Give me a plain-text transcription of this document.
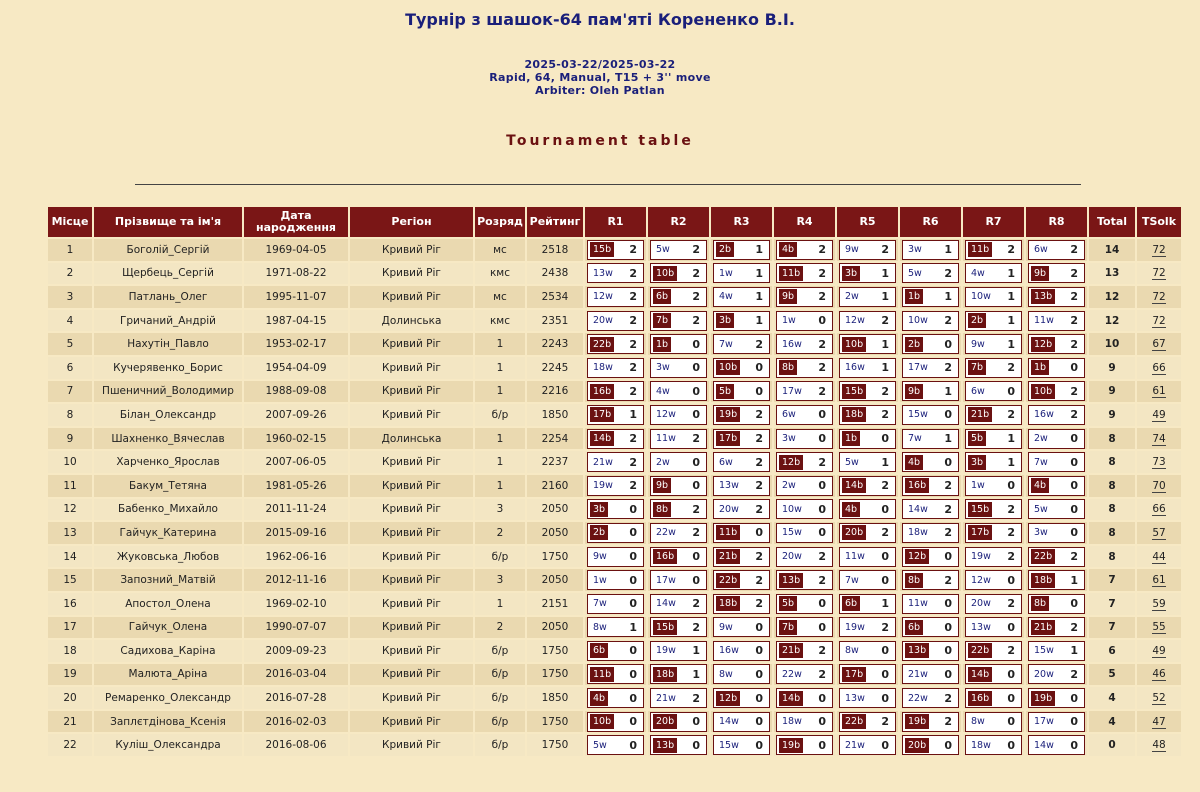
Турнір з шашок-64 пам'яті Корененко В.І.
2025-03-22/2025-03-22
Rapid, 64, Manual, T15 + 3'' move
Arbiter: Oleh Patlan
Tournament table
Місце	Прізвище та ім'я	Дата народження	Регіон	Розряд	Рейтинг	R1	R2	R3	R4	R5	R6	R7	R8	Total	TSolk
1	Боголій_Сергій	1969-04-05	Кривий Ріг	мс	2518	15b 2	5w 2	2b 1	4b 2	9w 2	3w 1	11b 2	6w 2	14	72
2	Щербець_Сергій	1971-08-22	Кривий Ріг	кмс	2438	13w 2	10b 2	1w 1	11b 2	3b 1	5w 2	4w 1	9b 2	13	72
3	Патлань_Олег	1995-11-07	Кривий Ріг	мс	2534	12w 2	6b 2	4w 1	9b 2	2w 1	1b 1	10w 1	13b 2	12	72
4	Гричаний_Андрій	1987-04-15	Долинська	кмс	2351	20w 2	7b 2	3b 1	1w 0	12w 2	10w 2	2b 1	11w 2	12	72
5	Нахутін_Павло	1953-02-17	Кривий Ріг	1	2243	22b 2	1b 0	7w 2	16w 2	10b 1	2b 0	9w 1	12b 2	10	67
6	Кучерявенко_Борис	1954-04-09	Кривий Ріг	1	2245	18w 2	3w 0	10b 0	8b 2	16w 1	17w 2	7b 2	1b 0	9	66
7	Пшеничний_Володимир	1988-09-08	Кривий Ріг	1	2216	16b 2	4w 0	5b 0	17w 2	15b 2	9b 1	6w 0	10b 2	9	61
8	Білан_Олександр	2007-09-26	Кривий Ріг	б/р	1850	17b 1	12w 0	19b 2	6w 0	18b 2	15w 0	21b 2	16w 2	9	49
9	Шахненко_Вячеслав	1960-02-15	Долинська	1	2254	14b 2	11w 2	17b 2	3w 0	1b 0	7w 1	5b 1	2w 0	8	74
10	Харченко_Ярослав	2007-06-05	Кривий Ріг	1	2237	21w 2	2w 0	6w 2	12b 2	5w 1	4b 0	3b 1	7w 0	8	73
11	Бакум_Тетяна	1981-05-26	Кривий Ріг	1	2160	19w 2	9b 0	13w 2	2w 0	14b 2	16b 2	1w 0	4b 0	8	70
12	Бабенко_Михайло	2011-11-24	Кривий Ріг	3	2050	3b 0	8b 2	20w 2	10w 0	4b 0	14w 2	15b 2	5w 0	8	66
13	Гайчук_Катерина	2015-09-16	Кривий Ріг	2	2050	2b 0	22w 2	11b 0	15w 0	20b 2	18w 2	17b 2	3w 0	8	57
14	Жуковська_Любов	1962-06-16	Кривий Ріг	б/р	1750	9w 0	16b 0	21b 2	20w 2	11w 0	12b 0	19w 2	22b 2	8	44
15	Запозний_Матвій	2012-11-16	Кривий Ріг	3	2050	1w 0	17w 0	22b 2	13b 2	7w 0	8b 2	12w 0	18b 1	7	61
16	Апостол_Олена	1969-02-10	Кривий Ріг	1	2151	7w 0	14w 2	18b 2	5b 0	6b 1	11w 0	20w 2	8b 0	7	59
17	Гайчук_Олена	1990-07-07	Кривий Ріг	2	2050	8w 1	15b 2	9w 0	7b 0	19w 2	6b 0	13w 0	21b 2	7	55
18	Садихова_Каріна	2009-09-23	Кривий Ріг	б/р	1750	6b 0	19w 1	16w 0	21b 2	8w 0	13b 0	22b 2	15w 1	6	49
19	Малюта_Аріна	2016-03-04	Кривий Ріг	б/р	1750	11b 0	18b 1	8w 0	22w 2	17b 0	21w 0	14b 0	20w 2	5	46
20	Ремаренко_Олександр	2016-07-28	Кривий Ріг	б/р	1850	4b 0	21w 2	12b 0	14b 0	13w 0	22w 2	16b 0	19b 0	4	52
21	Заплєтдінова_Ксенія	2016-02-03	Кривий Ріг	б/р	1750	10b 0	20b 0	14w 0	18w 0	22b 2	19b 2	8w 0	17w 0	4	47
22	Куліш_Олександра	2016-08-06	Кривий Ріг	б/р	1750	5w 0	13b 0	15w 0	19b 0	21w 0	20b 0	18w 0	14w 0	0	48
